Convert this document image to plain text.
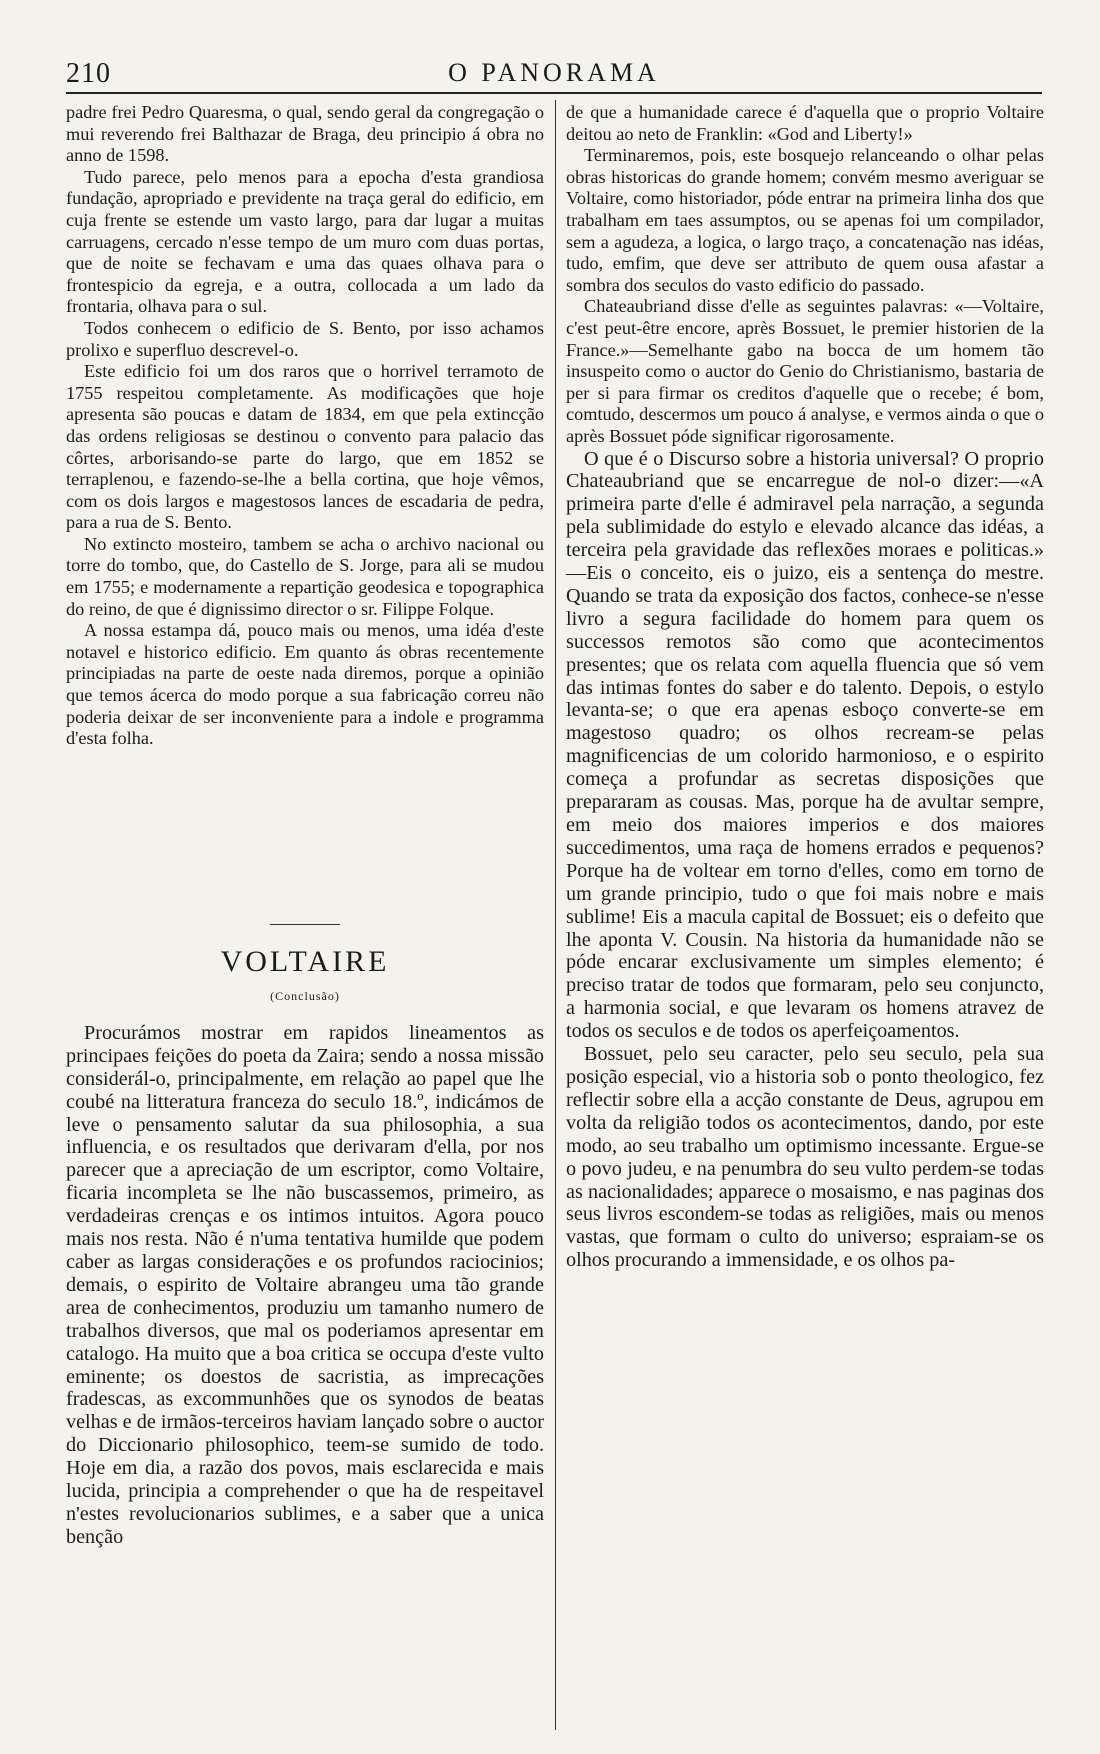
210	O PANORAMA

padre frei Pedro Quaresma, o qual, sendo geral da congregação o mui reverendo frei Balthazar de Braga, deu principio á obra no anno de 1598.

Tudo parece, pelo menos para a epocha d'esta grandiosa fundação, apropriado e previdente na traça geral do edificio, em cuja frente se estende um vasto largo, para dar lugar a muitas carruagens, cercado n'esse tempo de um muro com duas portas, que de noite se fechavam e uma das quaes olhava para o frontespicio da egreja, e a outra, collocada a um lado da frontaria, olhava para o sul.

Todos conhecem o edificio de S. Bento, por isso achamos prolixo e superfluo descrevel-o.

Este edificio foi um dos raros que o horrivel terramoto de 1755 respeitou completamente. As modificações que hoje apresenta são poucas e datam de 1834, em que pela extincção das ordens religiosas se destinou o convento para palacio das côrtes, arborisando-se parte do largo, que em 1852 se terraplenou, e fazendo-se-lhe a bella cortina, que hoje vêmos, com os dois largos e magestosos lances de escadaria de pedra, para a rua de S. Bento.

No extincto mosteiro, tambem se acha o archivo nacional ou torre do tombo, que, do Castello de S. Jorge, para ali se mudou em 1755; e modernamente a repartição geodesica e topographica do reino, de que é dignissimo director o sr. Filippe Folque.

A nossa estampa dá, pouco mais ou menos, uma idéa d'este notavel e historico edificio. Em quanto ás obras recentemente principiadas na parte de oeste nada diremos, porque a opinião que temos ácerca do modo porque a sua fabricação correu não poderia deixar de ser inconveniente para a indole e programma d'esta folha.

VOLTAIRE
(Conclusão)

Procurámos mostrar em rapidos lineamentos as principaes feições do poeta da Zaira; sendo a nossa missão considerál-o, principalmente, em relação ao papel que lhe coubé na litteratura franceza do seculo 18.º, indicámos de leve o pensamento salutar da sua philosophia, a sua influencia, e os resultados que derivaram d'ella, por nos parecer que a apreciação de um escriptor, como Voltaire, ficaria incompleta se lhe não buscassemos, primeiro, as verdadeiras crenças e os intimos intuitos. Agora pouco mais nos resta. Não é n'uma tentativa humilde que podem caber as largas considerações e os profundos raciocinios; demais, o espirito de Voltaire abrangeu uma tão grande area de conhecimentos, produziu um tamanho numero de trabalhos diversos, que mal os poderiamos apresentar em catalogo. Ha muito que a boa critica se occupa d'este vulto eminente; os doestos de sacristia, as imprecações fradescas, as excommunhões que os synodos de beatas velhas e de irmãos-terceiros haviam lançado sobre o auctor do Diccionario philosophico, teem-se sumido de todo. Hoje em dia, a razão dos povos, mais esclarecida e mais lucida, principia a comprehender o que ha de respeitavel n'estes revolucionarios sublimes, e a saber que a unica benção

de que a humanidade carece é d'aquella que o proprio Voltaire deitou ao neto de Franklin: «God and Liberty!»

Terminaremos, pois, este bosquejo relanceando o olhar pelas obras historicas do grande homem; convém mesmo averiguar se Voltaire, como historiador, póde entrar na primeira linha dos que trabalham em taes assumptos, ou se apenas foi um compilador, sem a agudeza, a logica, o largo traço, a concatenação nas idéas, tudo, emfim, que deve ser attributo de quem ousa afastar a sombra dos seculos do vasto edificio do passado.

Chateaubriand disse d'elle as seguintes palavras: «—Voltaire, c'est peut-être encore, après Bossuet, le premier historien de la France.»—Semelhante gabo na bocca de um homem tão insuspeito como o auctor do Genio do Christianismo, bastaria de per si para firmar os creditos d'aquelle que o recebe; é bom, comtudo, descermos um pouco á analyse, e vermos ainda o que o après Bossuet póde significar rigorosamente.

O que é o Discurso sobre a historia universal? O proprio Chateaubriand que se encarregue de nol-o dizer:—«A primeira parte d'elle é admiravel pela narração, a segunda pela sublimidade do estylo e elevado alcance das idéas, a terceira pela gravidade das reflexões moraes e politicas.» —Eis o conceito, eis o juizo, eis a sentença do mestre. Quando se trata da exposição dos factos, conhece-se n'esse livro a segura facilidade do homem para quem os successos remotos são como que acontecimentos presentes; que os relata com aquella fluencia que só vem das intimas fontes do saber e do talento. Depois, o estylo levanta-se; o que era apenas esboço converte-se em magestoso quadro; os olhos recream-se pelas magnificencias de um colorido harmonioso, e o espirito começa a profundar as secretas disposições que prepararam as cousas. Mas, porque ha de avultar sempre, em meio dos maiores imperios e dos maiores succedimentos, uma raça de homens errados e pequenos? Porque ha de voltear em torno d'elles, como em torno de um grande principio, tudo o que foi mais nobre e mais sublime! Eis a macula capital de Bossuet; eis o defeito que lhe aponta V. Cousin. Na historia da humanidade não se póde encarar exclusivamente um simples elemento; é preciso tratar de todos que formaram, pelo seu conjuncto, a harmonia social, e que levaram os homens atravez de todos os seculos e de todos os aperfeiçoamentos.

Bossuet, pelo seu caracter, pelo seu seculo, pela sua posição especial, vio a historia sob o ponto theologico, fez reflectir sobre ella a acção constante de Deus, agrupou em volta da religião todos os acontecimentos, dando, por este modo, ao seu trabalho um optimismo incessante. Ergue-se o povo judeu, e na penumbra do seu vulto perdem-se todas as nacionalidades; apparece o mosaismo, e nas paginas dos seus livros escondem-se todas as religiões, mais ou menos vastas, que formam o culto do universo; espraiam-se os olhos procurando a immensidade, e os olhos pa-
